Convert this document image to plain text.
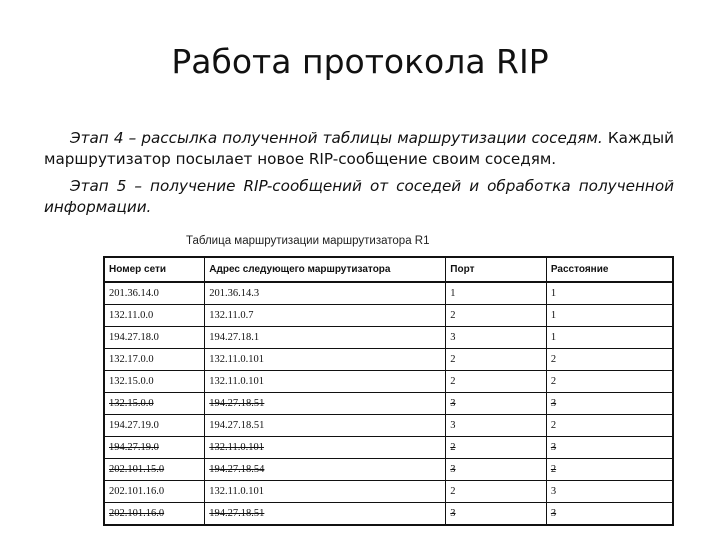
Работа протокола RIP

Этап 4 – рассылка полученной таблицы маршрутизации соседям. Каждый маршрутизатор посылает новое RIP-сообщение своим соседям.

Этап 5 – получение RIP-сообщений от соседей и обработка полученной информации.

Таблица маршрутизации маршрутизатора R1
Номер сети	Адрес следующего маршрутизатора	Порт	Расстояние
201.36.14.0	201.36.14.3	1	1
132.11.0.0	132.11.0.7	2	1
194.27.18.0	194.27.18.1	3	1
132.17.0.0	132.11.0.101	2	2
132.15.0.0	132.11.0.101	2	2
132.15.0.0	194.27.18.51	3	3
194.27.19.0	194.27.18.51	3	2
194.27.19.0	132.11.0.101	2	3
202.101.15.0	194.27.18.54	3	2
202.101.16.0	132.11.0.101	2	3
202.101.16.0	194.27.18.51	3	3
